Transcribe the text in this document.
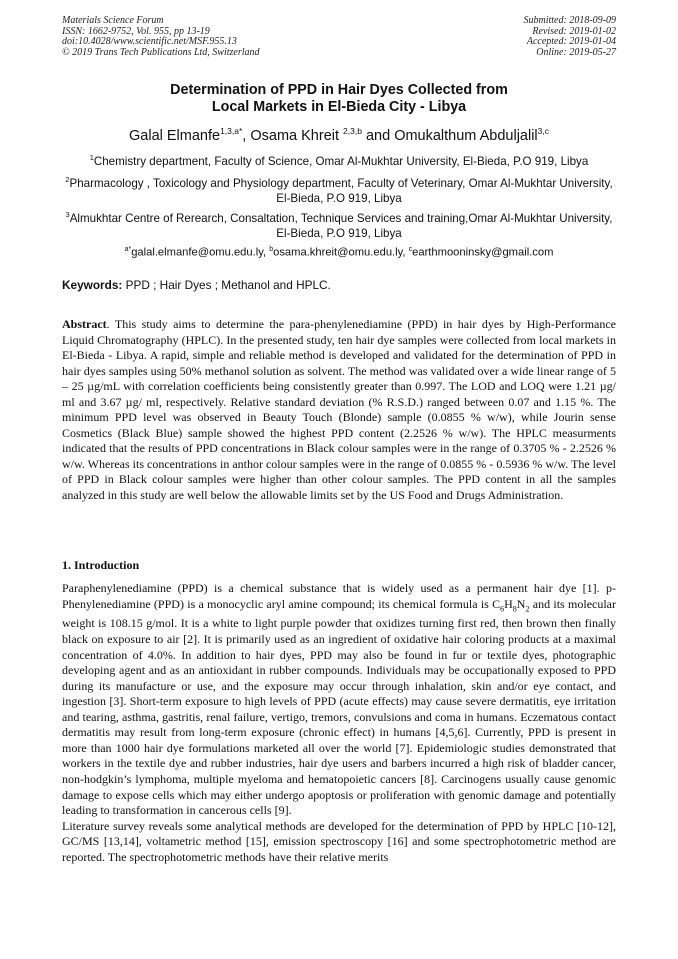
Materials Science Forum
ISSN: 1662-9752, Vol. 955, pp 13-19
doi:10.4028/www.scientific.net/MSF.955.13
© 2019 Trans Tech Publications Ltd, Switzerland
Submitted: 2018-09-09
Revised: 2019-01-02
Accepted: 2019-01-04
Online: 2019-05-27
Determination of PPD in Hair Dyes Collected from
Local Markets in El-Bieda City - Libya
Galal Elmanfe$^{1,3,a*}$, Osama Khreit $^{2,3,b}$ and Omukalthum Abduljalil$^{3,c}$
$^1$Chemistry department, Faculty of Science, Omar Al-Mukhtar University, El-Bieda, P.O 919, Libya
$^2$Pharmacology , Toxicology and Physiology department, Faculty of Veterinary, Omar Al-Mukhtar University, El-Bieda, P.O 919, Libya
$^3$Almukhtar Centre of Rerearch, Consaltation, Technique Services and training,Omar Al-Mukhtar University, El-Bieda, P.O 919, Libya
$^{a*}$galal.elmanfe@omu.edu.ly, $^b$osama.khreit@omu.edu.ly, $^c$earthmooninsky@gmail.com
Keywords: PPD ; Hair Dyes ; Methanol and HPLC.
Abstract. This study aims to determine the para-phenylenediamine (PPD) in hair dyes by High-Performance Liquid Chromatography (HPLC). In the presented study, ten hair dye samples were collected from local markets in El-Bieda - Libya. A rapid, simple and reliable method is developed and validated for the determination of PPD in hair dyes samples using 50% methanol solution as solvent. The method was validated over a wide linear range of 5 – 25 µg/mL with correlation coefficients being consistently greater than 0.997. The LOD and LOQ were 1.21 µg/ ml and 3.67 µg/ ml, respectively. Relative standard deviation (% R.S.D.) ranged between 0.07 and 1.15 %. The minimum PPD level was observed in Beauty Touch (Blonde) sample (0.0855 % w/w), while Jourin sense Cosmetics (Black Blue) sample showed the highest PPD content (2.2526 % w/w). The HPLC measurments indicated that the results of PPD concentrations in Black colour samples were in the range of 0.3705 % - 2.2526 % w/w. Whereas its concentrations in anthor colour samples were in the range of 0.0855 % - 0.5936 % w/w. The level of PPD in Black colour samples were higher than other colour samples. The PPD content in all the samples analyzed in this study are well below the allowable limits set by the US Food and Drugs Administration.
1. Introduction

Paraphenylenediamine (PPD) is a chemical substance that is widely used as a permanent hair dye [1]. p-Phenylenediamine (PPD) is a monocyclic aryl amine compound; its chemical formula is $C_6H_8N_2$ and its molecular weight is 108.15 g/mol. It is a white to light purple powder that oxidizes turning first red, then brown then finally black on exposure to air [2]. It is primarily used as an ingredient of oxidative hair coloring products at a maximal concentration of 4.0%. In addition to hair dyes, PPD may also be found in fur or textile dyes, photographic developing agent and as an antioxidant in rubber compounds. Individuals may be occupationally exposed to PPD during its manufacture or use, and the exposure may occur through inhalation, skin and/or eye contact, and ingestion [3]. Short-term exposure to high levels of PPD (acute effects) may cause severe dermatitis, eye irritation and tearing, asthma, gastritis, renal failure, vertigo, tremors, convulsions and coma in humans. Eczematous contact dermatitis may result from long-term exposure (chronic effect) in humans [4,5,6]. Currently, PPD is present in more than 1000 hair dye formulations marketed all over the world [7]. Epidemiologic studies demonstrated that workers in the textile dye and rubber industries, hair dye users and barbers incurred a high risk of bladder cancer, non-hodgkin’s lymphoma, multiple myeloma and hematopoietic cancers [8]. Carcinogens usually cause genomic damage to expose cells which may either undergo apoptosis or proliferation with genomic damage and potentially leading to transformation in cancerous cells [9].

Literature survey reveals some analytical methods are developed for the determination of PPD by HPLC [10-12], GC/MS [13,14], voltametric method [15], emission spectroscopy [16] and some spectrophotometric method are reported. The spectrophotometric methods have their relative merits
